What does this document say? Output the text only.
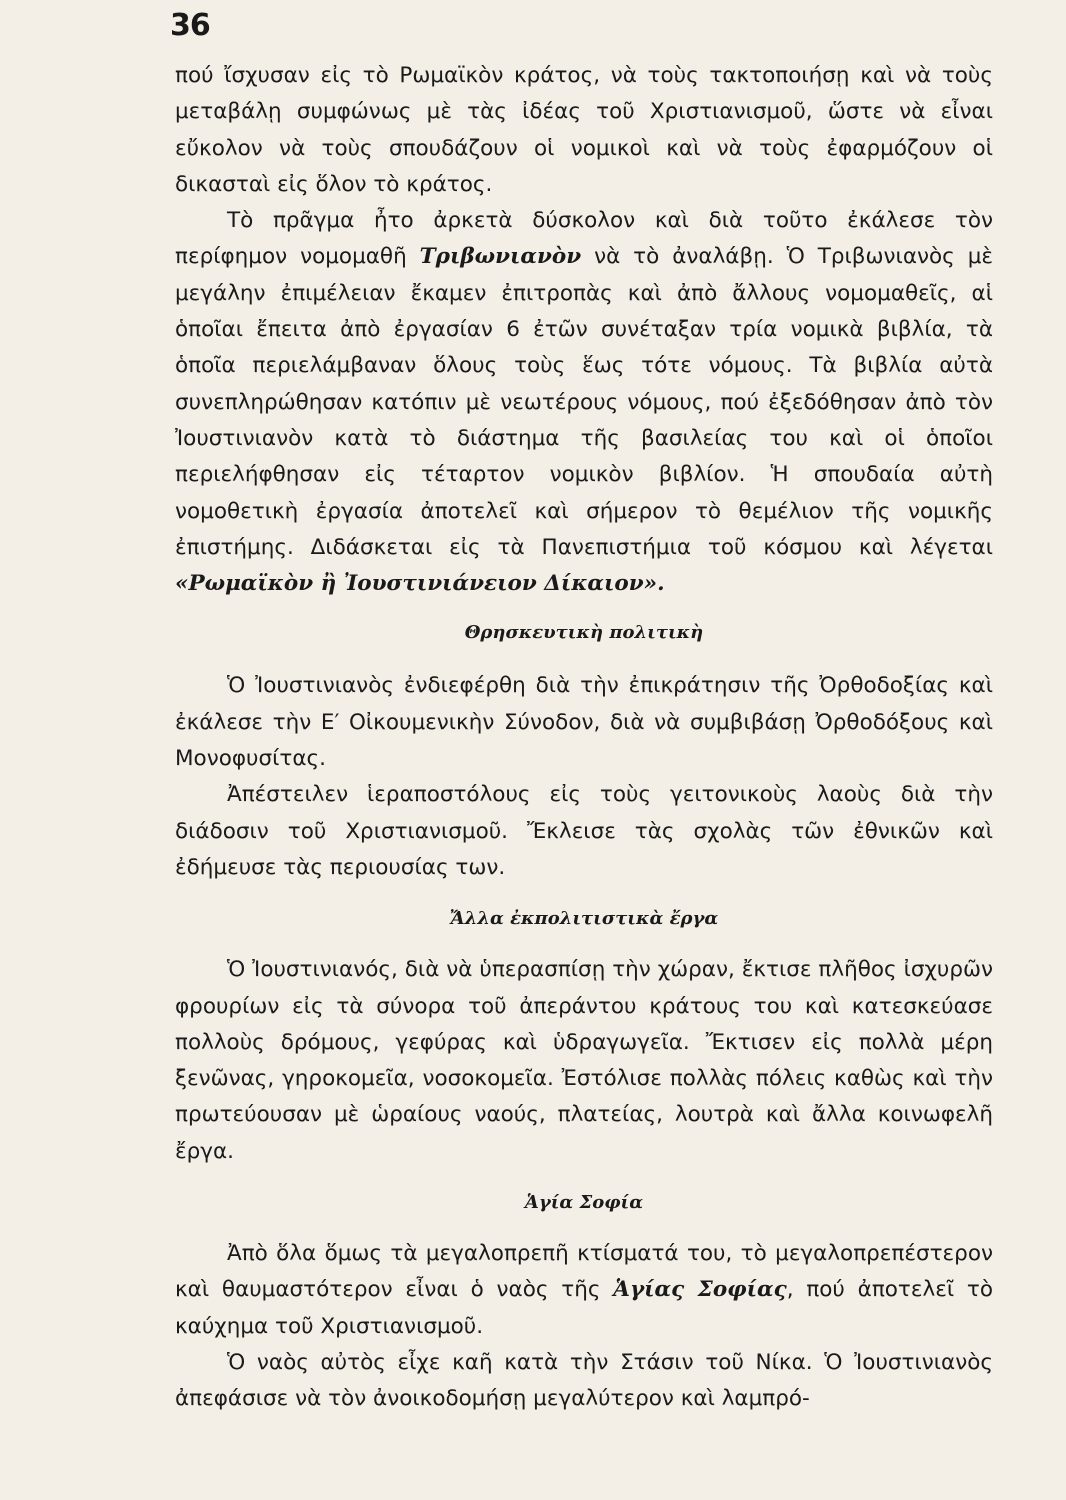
36

πού ἴσχυσαν εἰς τὸ Ρωμαϊκὸν κράτος, νὰ τοὺς τακτοποιήσῃ καὶ νὰ τοὺς μεταβάλῃ συμφώνως μὲ τὰς ἰδέας τοῦ Χριστιανισμοῦ, ὥστε νὰ εἶναι εὔκολον νὰ τοὺς σπουδάζουν οἱ νομικοὶ καὶ νὰ τοὺς ἐφαρμόζουν οἱ δικασταὶ εἰς ὅλον τὸ κράτος.

Τὸ πρᾶγμα ἦτο ἀρκετὰ δύσκολον καὶ διὰ τοῦτο ἐκάλεσε τὸν περίφημον νομομαθῆ Τριβωνιανὸν νὰ τὸ ἀναλάβῃ. Ὁ Τριβωνιανὸς μὲ μεγάλην ἐπιμέλειαν ἔκαμεν ἐπιτροπὰς καὶ ἀπὸ ἄλλους νομομαθεῖς, αἱ ὁποῖαι ἔπειτα ἀπὸ ἐργασίαν 6 ἐτῶν συνέταξαν τρία νομικὰ βιβλία, τὰ ὁποῖα περιελάμβαναν ὅλους τοὺς ἕως τότε νόμους. Τὰ βιβλία αὐτὰ συνεπληρώθησαν κατόπιν μὲ νεωτέρους νόμους, πού ἐξεδόθησαν ἀπὸ τὸν Ἰουστινιανὸν κατὰ τὸ διάστημα τῆς βασιλείας του καὶ οἱ ὁποῖοι περιελήφθησαν εἰς τέταρτον νομικὸν βιβλίον. Ἡ σπουδαία αὐτὴ νομοθετικὴ ἐργασία ἀποτελεῖ καὶ σήμερον τὸ θεμέλιον τῆς νομικῆς ἐπιστήμης. Διδάσκεται εἰς τὰ Πανεπιστήμια τοῦ κόσμου καὶ λέγεται «Ρωμαϊκὸν ἢ Ἰουστινιάνειον Δίκαιον».

Θρησκευτικὴ πολιτικὴ

Ὁ Ἰουστινιανὸς ἐνδιεφέρθη διὰ τὴν ἐπικράτησιν τῆς Ὀρθοδοξίας καὶ ἐκάλεσε τὴν Ε′ Οἰκουμενικὴν Σύνοδον, διὰ νὰ συμβιβάσῃ Ὀρθοδόξους καὶ Μονοφυσίτας.

Ἀπέστειλεν ἱεραποστόλους εἰς τοὺς γειτονικοὺς λαοὺς διὰ τὴν διάδοσιν τοῦ Χριστιανισμοῦ. Ἔκλεισε τὰς σχολὰς τῶν ἐθνικῶν καὶ ἐδήμευσε τὰς περιουσίας των.

Ἄλλα ἐκπολιτιστικὰ ἔργα

Ὁ Ἰουστινιανός, διὰ νὰ ὑπερασπίσῃ τὴν χώραν, ἔκτισε πλῆθος ἰσχυρῶν φρουρίων εἰς τὰ σύνορα τοῦ ἀπεράντου κράτους του καὶ κατεσκεύασε πολλοὺς δρόμους, γεφύρας καὶ ὑδραγωγεῖα. Ἔκτισεν εἰς πολλὰ μέρη ξενῶνας, γηροκομεῖα, νοσοκομεῖα. Ἐστόλισε πολλὰς πόλεις καθὼς καὶ τὴν πρωτεύουσαν μὲ ὡραίους ναούς, πλατείας, λουτρὰ καὶ ἄλλα κοινωφελῆ ἔργα.

Ἁγία Σοφία

Ἀπὸ ὅλα ὅμως τὰ μεγαλοπρεπῆ κτίσματά του, τὸ μεγαλοπρεπέστερον καὶ θαυμαστότερον εἶναι ὁ ναὸς τῆς Ἁγίας Σοφίας, πού ἀποτελεῖ τὸ καύχημα τοῦ Χριστιανισμοῦ.

Ὁ ναὸς αὐτὸς εἶχε καῆ κατὰ τὴν Στάσιν τοῦ Νίκα. Ὁ Ἰουστινιανὸς ἀπεφάσισε νὰ τὸν ἀνοικοδομήσῃ μεγαλύτερον καὶ λαμπρό-
